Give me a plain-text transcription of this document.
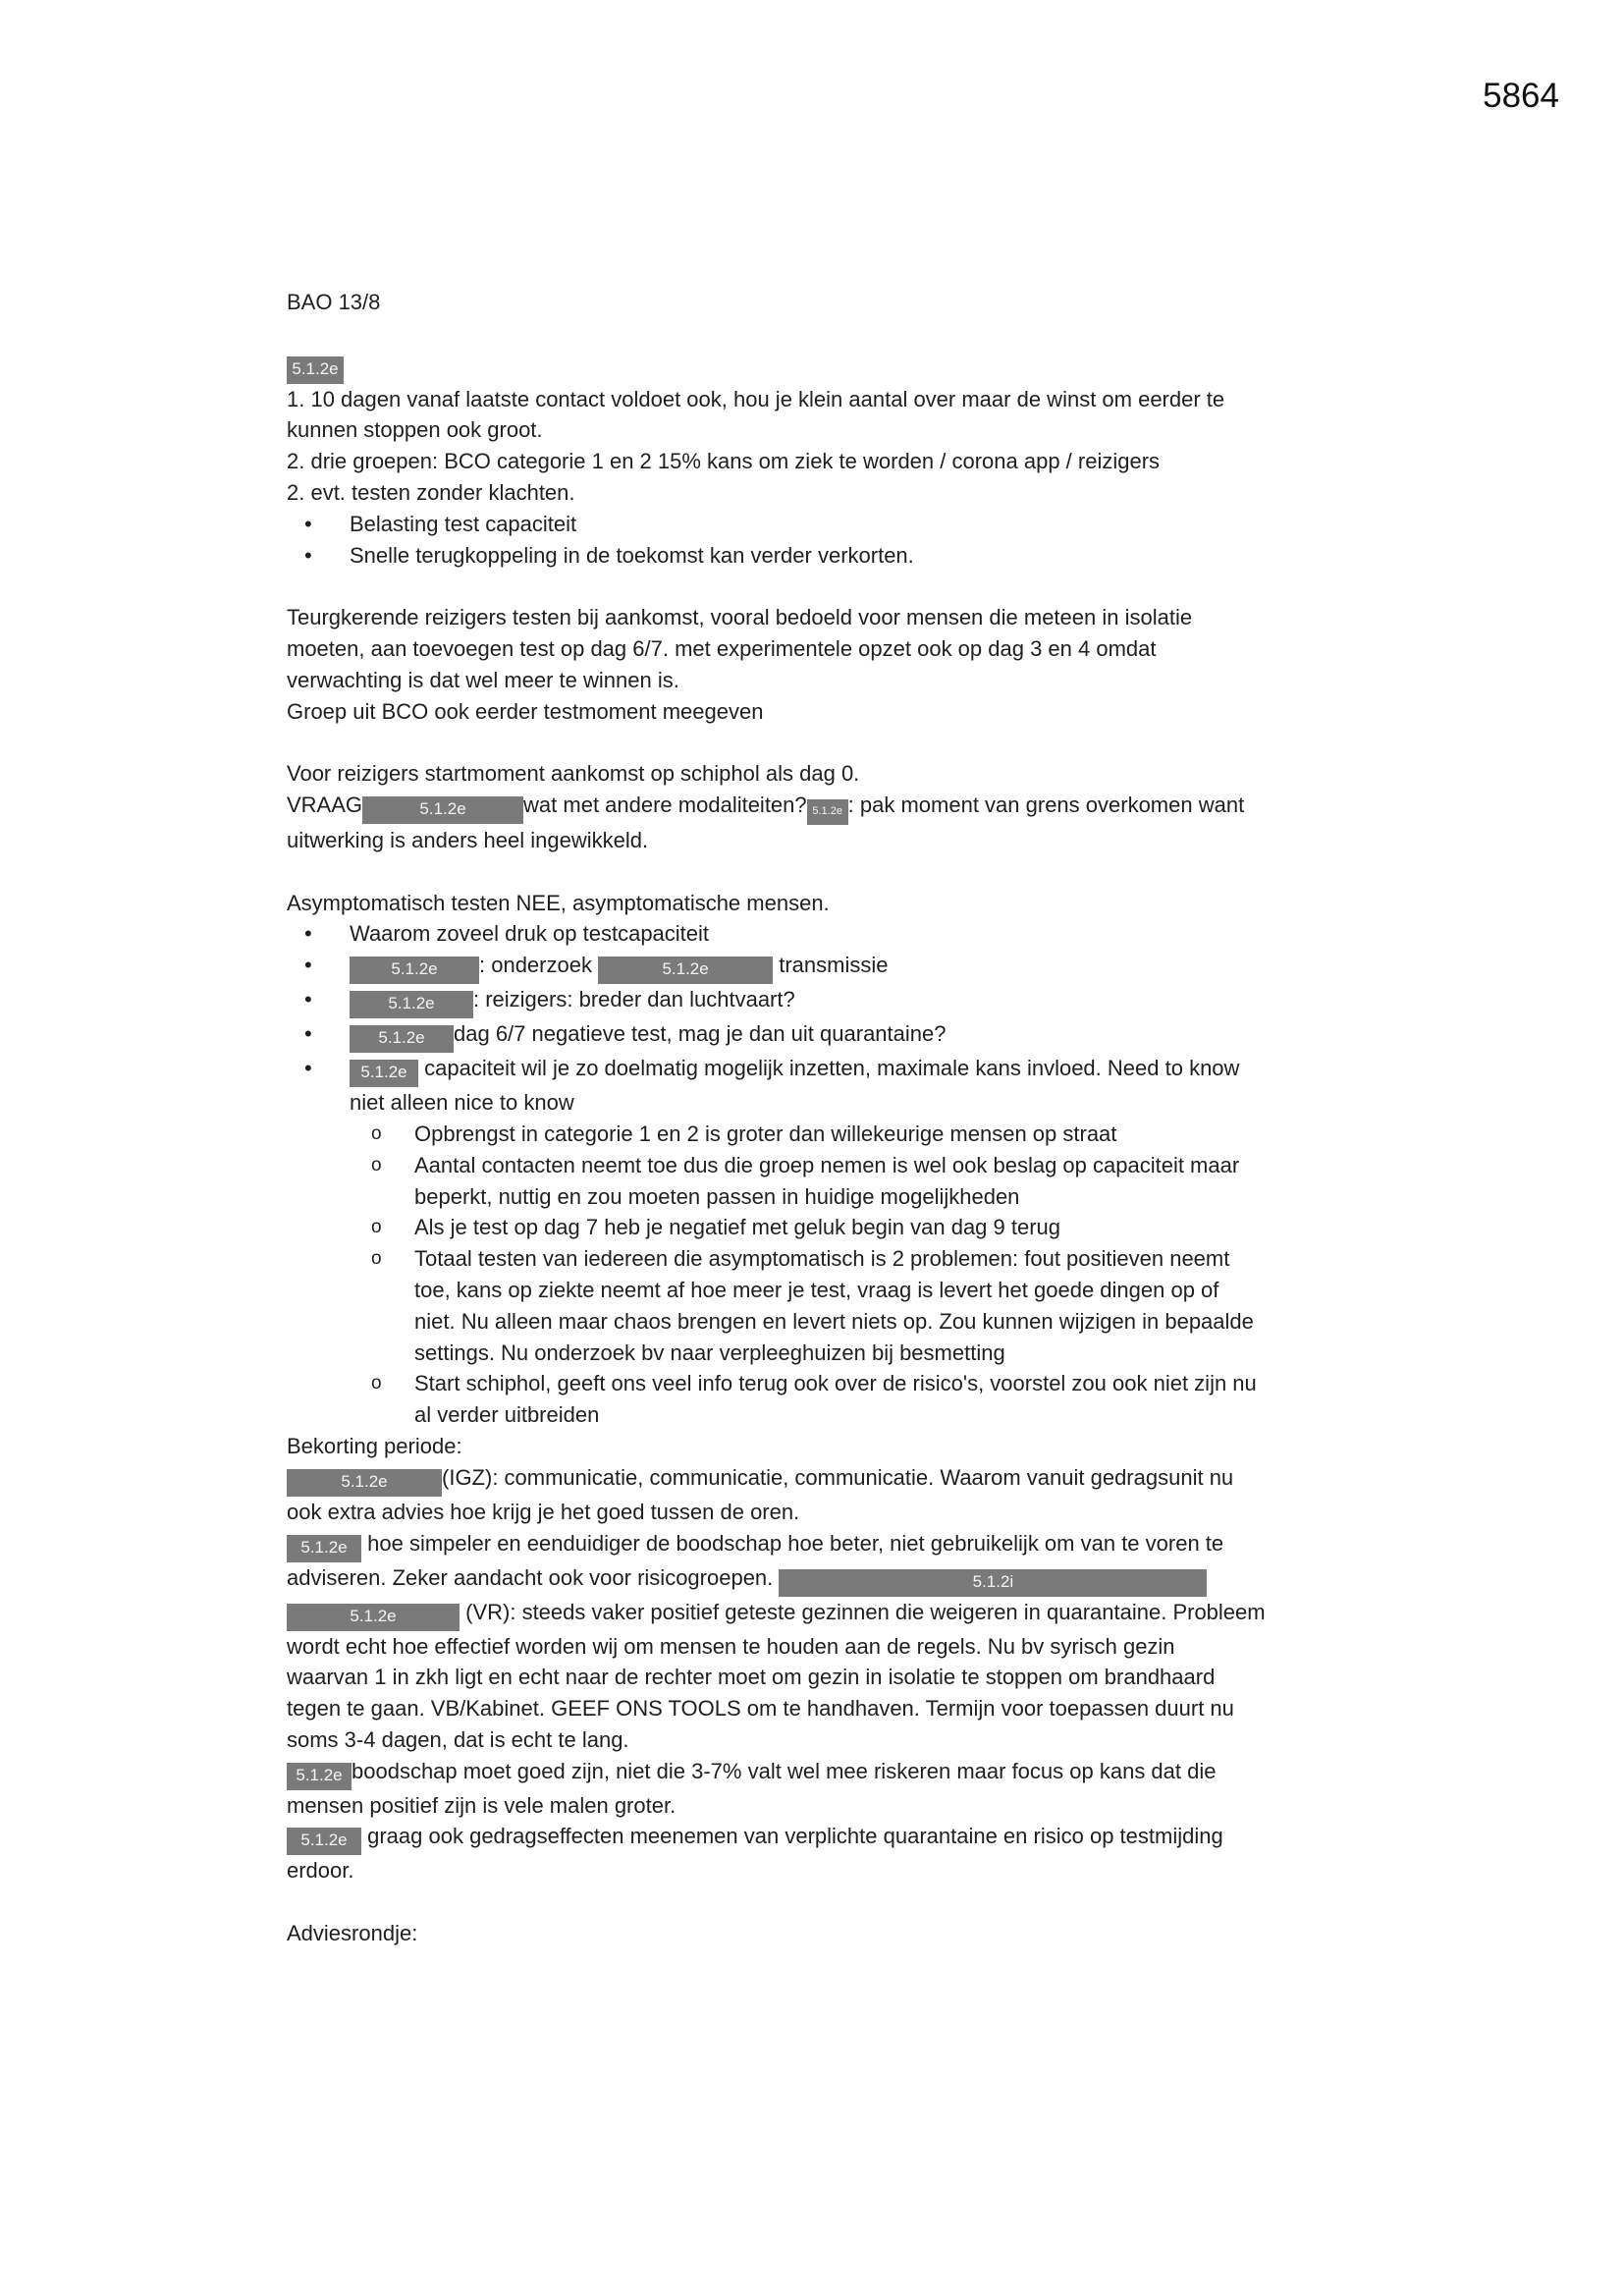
5864
BAO 13/8
5.1.2e
1. 10 dagen vanaf laatste contact voldoet ook, hou je klein aantal over maar de winst om eerder te
kunnen stoppen ook groot.
2. drie groepen: BCO categorie 1 en 2 15% kans om ziek te worden / corona app / reizigers
2. evt. testen zonder klachten.
• Belasting test capaciteit
• Snelle terugkoppeling in de toekomst kan verder verkorten.
Teurgkerende reizigers testen bij aankomst, vooral bedoeld voor mensen die meteen in isolatie
moeten, aan toevoegen test op dag 6/7. met experimentele opzet ook op dag 3 en 4 omdat
verwachting is dat wel meer te winnen is.
Groep uit BCO ook eerder testmoment meegeven
Voor reizigers startmoment aankomst op schiphol als dag 0.
VRAAG	5.1.2e	wat met andere modaliteiten? 5.1.2e : pak moment van grens overkomen want
uitwerking is anders heel ingewikkeld.
Asymptomatisch testen NEE, asymptomatische mensen.
• Waarom zoveel druk op testcapaciteit
• 5.1.2e : onderzoek	5.1.2e	transmissie
• 5.1.2e : reizigers: breder dan luchtvaart?
• 5.1.2e dag 6/7 negatieve test, mag je dan uit quarantaine?
• 5.1.2e capaciteit wil je zo doelmatig mogelijk inzetten, maximale kans invloed. Need to know
niet alleen nice to know
o Opbrengst in categorie 1 en 2 is groter dan willekeurige mensen op straat
o Aantal contacten neemt toe dus die groep nemen is wel ook beslag op capaciteit maar
beperkt, nuttig en zou moeten passen in huidige mogelijkheden
o Als je test op dag 7 heb je negatief met geluk begin van dag 9 terug
o Totaal testen van iedereen die asymptomatisch is 2 problemen: fout positieven neemt
toe, kans op ziekte neemt af hoe meer je test, vraag is levert het goede dingen op of
niet. Nu alleen maar chaos brengen en levert niets op. Zou kunnen wijzigen in bepaalde
settings. Nu onderzoek bv naar verpleeghuizen bij besmetting
o Start schiphol, geeft ons veel info terug ook over de risico's, voorstel zou ook niet zijn nu
al verder uitbreiden
Bekorting periode:
5.1.2e	(IGZ): communicatie, communicatie, communicatie. Waarom vanuit gedragsunit nu
ook extra advies hoe krijg je het goed tussen de oren.
5.1.2e hoe simpeler en eenduidiger de boodschap hoe beter, niet gebruikelijk om van te voren te
adviseren. Zeker aandacht ook voor risicogroepen.	5.1.2i
5.1.2e	(VR): steeds vaker positief geteste gezinnen die weigeren in quarantaine. Probleem
wordt echt hoe effectief worden wij om mensen te houden aan de regels. Nu bv syrisch gezin
waarvan 1 in zkh ligt en echt naar de rechter moet om gezin in isolatie te stoppen om brandhaard
tegen te gaan. VB/Kabinet. GEEF ONS TOOLS om te handhaven. Termijn voor toepassen duurt nu
soms 3-4 dagen, dat is echt te lang.
5.1.2e boodschap moet goed zijn, niet die 3-7% valt wel mee riskeren maar focus op kans dat die
mensen positief zijn is vele malen groter.
5.1.2e graag ook gedragseffecten meenemen van verplichte quarantaine en risico op testmijding
erdoor.
Adviesrondje:
